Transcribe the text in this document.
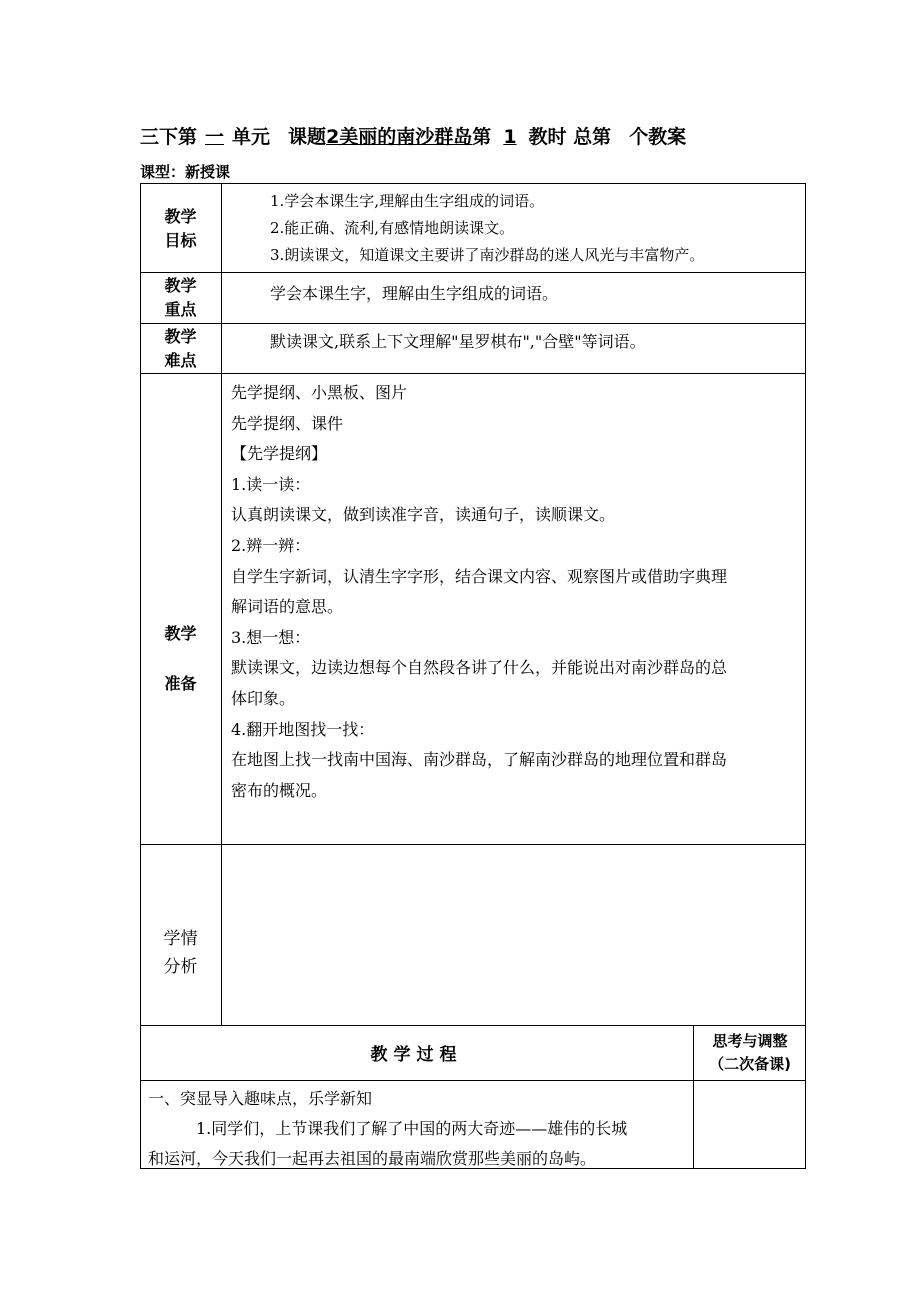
三下第 一 单元 课题2美丽的南沙群岛第 1 教时 总第 个教案
课型：新授课
教学
目标
1.学会本课生字,理解由生字组成的词语。
2.能正确、流利,有感情地朗读课文。
3.朗读课文，知道课文主要讲了南沙群岛的迷人风光与丰富物产。
教学
重点
学会本课生字，理解由生字组成的词语。
教学
难点
默读课文,联系上下文理解"星罗棋布","合壁"等词语。
教学
准备
先学提纲、小黑板、图片
先学提纲、课件
【先学提纲】
1.读一读：
认真朗读课文，做到读准字音，读通句子，读顺课文。
2.辨一辨：
自学生字新词，认清生字字形，结合课文内容、观察图片或借助字典理
解词语的意思。
3.想一想：
默读课文，边读边想每个自然段各讲了什么，并能说出对南沙群岛的总
体印象。
4.翻开地图找一找：
在地图上找一找南中国海、南沙群岛，了解南沙群岛的地理位置和群岛
密布的概况。
学情
分析
教学过程
思考与调整
（二次备课)
一、突显导入趣味点，乐学新知
1.同学们，上节课我们了解了中国的两大奇迹——雄伟的长城
和运河，今天我们一起再去祖国的最南端欣赏那些美丽的岛屿。
